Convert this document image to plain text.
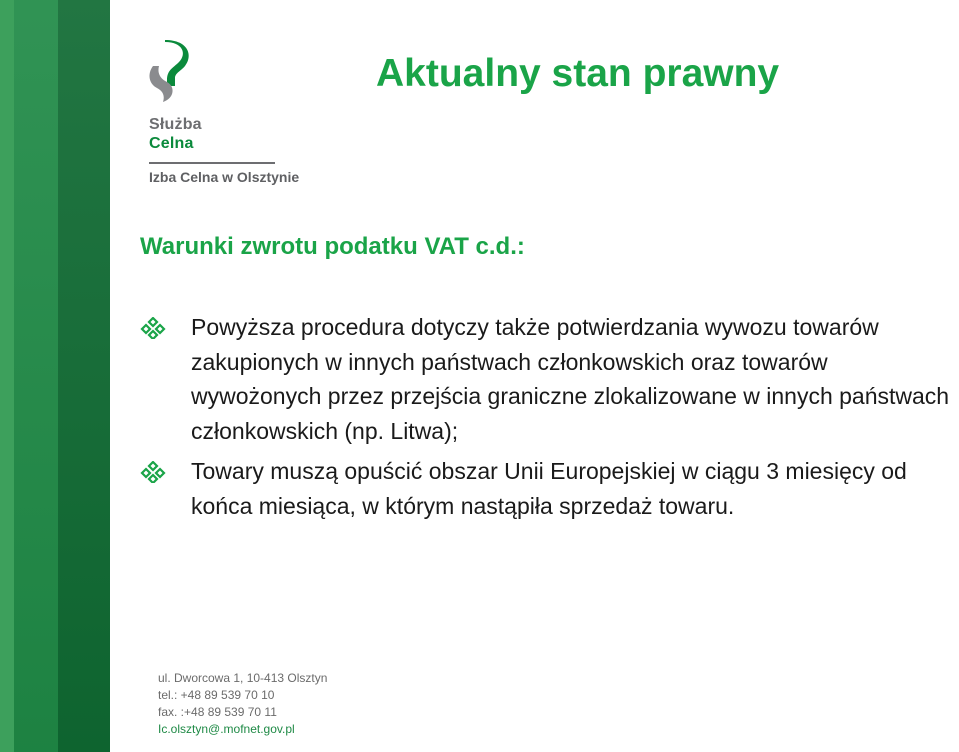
Służba
Celna
Izba Celna w Olsztynie
Aktualny stan prawny
Warunki zwrotu podatku VAT c.d.:
Powyższa procedura dotyczy także potwierdzania wywozu towarów zakupionych w innych państwach członkowskich oraz towarów wywożonych przez przejścia graniczne zlokalizowane w innych państwach członkowskich (np. Litwa);
Towary muszą opuścić obszar Unii Europejskiej w ciągu 3 miesięcy od końca miesiąca, w którym nastąpiła sprzedaż towaru.
ul. Dworcowa 1, 10-413 Olsztyn
tel.: +48 89 539 70 10
fax. :+48 89 539 70 11
Ic.olsztyn@.mofnet.gov.pl
